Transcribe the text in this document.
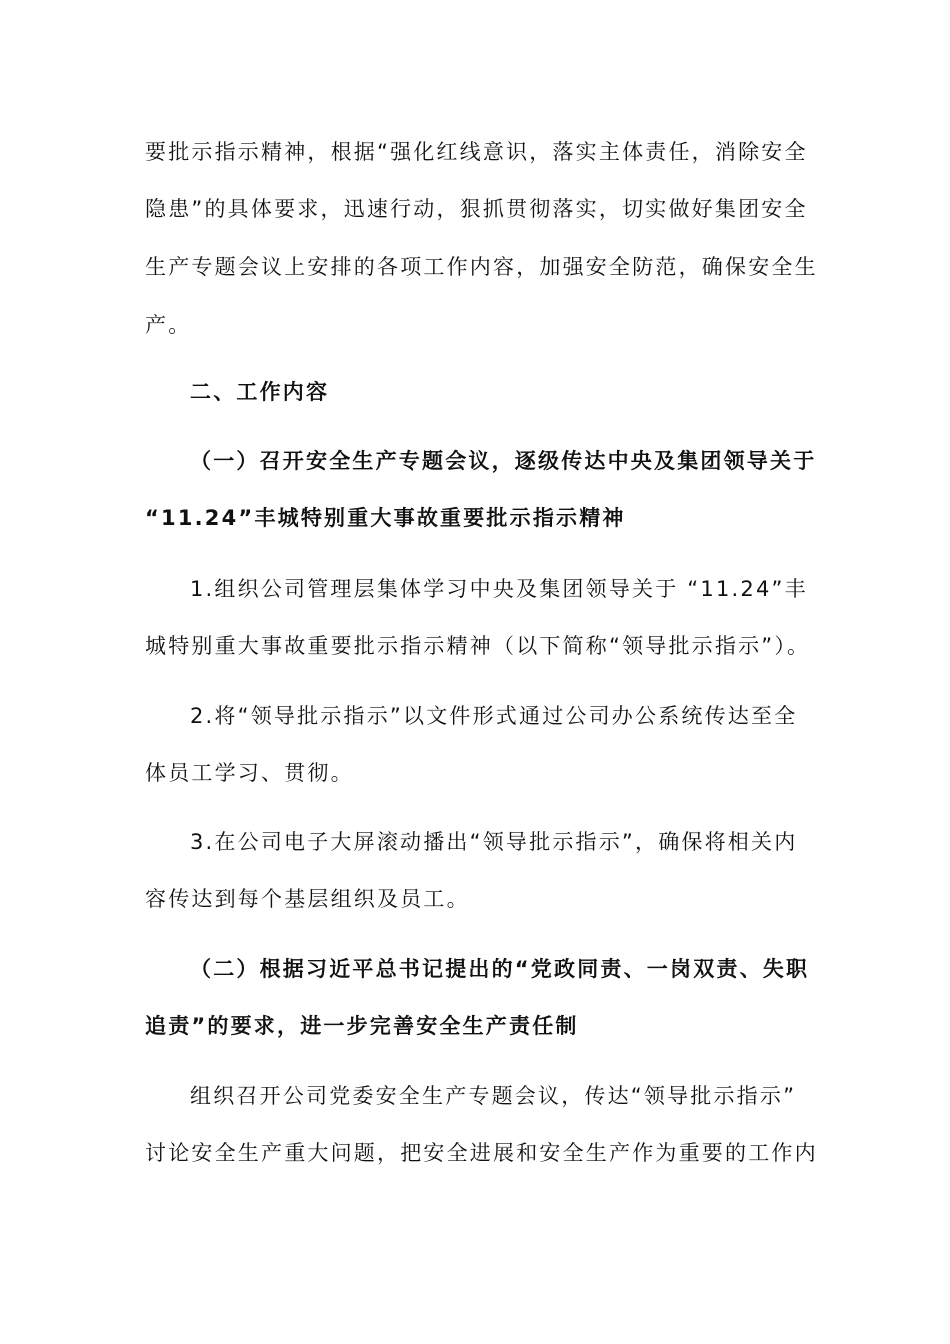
要批示指示精神，根据“强化红线意识，落实主体责任，消除安全
隐患”的具体要求，迅速行动，狠抓贯彻落实，切实做好集团安全
生产专题会议上安排的各项工作内容，加强安全防范，确保安全生
产。
二、工作内容
（一）召开安全生产专题会议，逐级传达中央及集团领导关于
“11.24”丰城特别重大事故重要批示指示精神
1.组织公司管理层集体学习中央及集团领导关于 “11.24”丰
城特别重大事故重要批示指示精神（以下简称“领导批示指示”）。
2.将“领导批示指示”以文件形式通过公司办公系统传达至全
体员工学习、贯彻。
3.在公司电子大屏滚动播出“领导批示指示”，确保将相关内
容传达到每个基层组织及员工。
（二）根据习近平总书记提出的“党政同责、一岗双责、失职
追责”的要求，进一步完善安全生产责任制
组织召开公司党委安全生产专题会议，传达“领导批示指示”
讨论安全生产重大问题，把安全进展和安全生产作为重要的工作内
